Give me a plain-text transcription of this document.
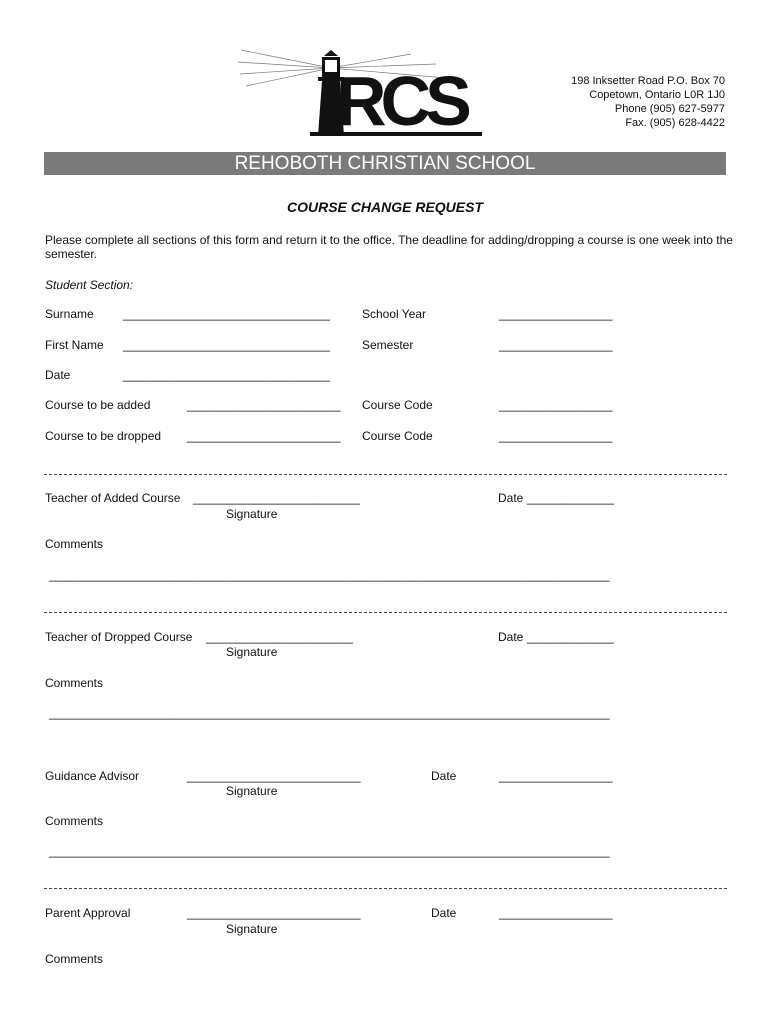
RCS	198 Inksetter Road P.O. Box 70
Copetown, Ontario L0R 1J0
Phone (905) 627-5977
Fax. (905) 628-4422
REHOBOTH CHRISTIAN SCHOOL
COURSE CHANGE REQUEST
Please complete all sections of this form and return it to the office. The deadline for adding/dropping a course is one week into the semester.
Student Section:
Surname _______________________________	School Year	_________________
First Name _______________________________	Semester	_________________
Date	_______________________________
Course to be added	_______________________ Course Code	_________________
Course to be dropped _______________________ Course Code	_________________
Teacher of Added Course _________________________	Date _____________
Signature
Comments
____________________________________________________________________________________
Teacher of Dropped Course ______________________	Date _____________
Signature
Comments
____________________________________________________________________________________
Guidance Advisor	__________________________	Date	_________________
Signature
Comments
____________________________________________________________________________________
Parent Approval	__________________________	Date	_________________
Signature
Comments
